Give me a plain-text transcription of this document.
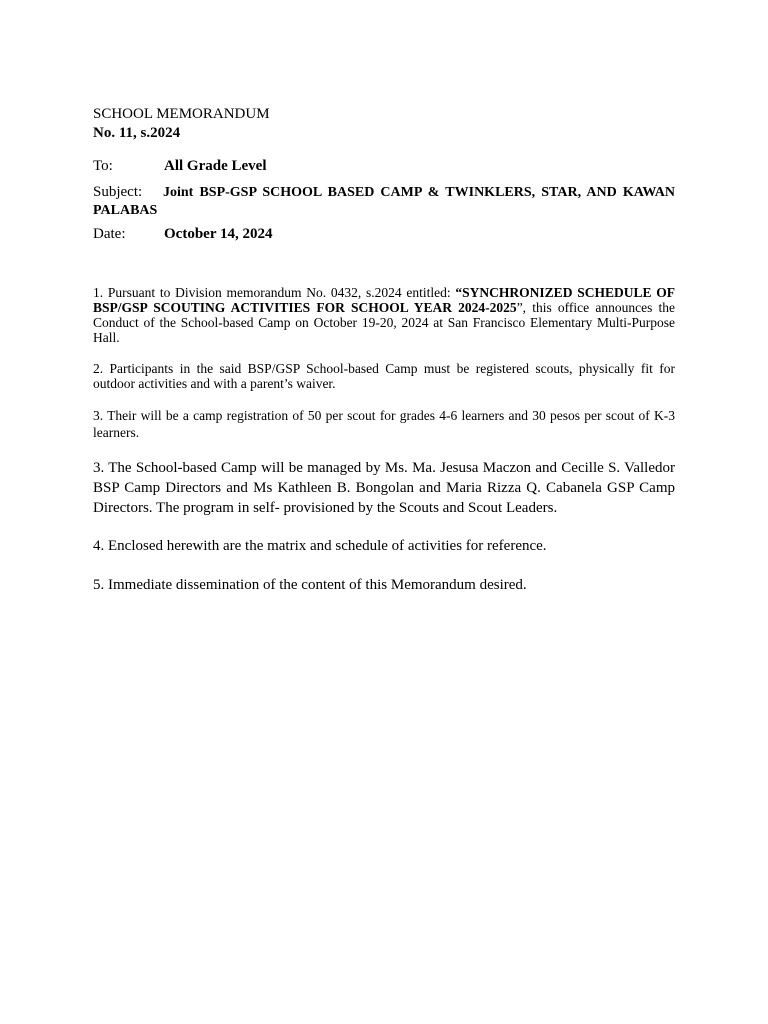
SCHOOL MEMORANDUM
No. 11, s.2024
To:	All Grade Level
Subject: Joint BSP-GSP SCHOOL BASED CAMP & TWINKLERS, STAR, AND KAWAN PALABAS
Date:	October 14, 2024

1. Pursuant to Division memorandum No. 0432, s.2024 entitled: “SYNCHRONIZED SCHEDULE OF BSP/GSP SCOUTING ACTIVITIES FOR SCHOOL YEAR 2024-2025”, this office announces the Conduct of the School-based Camp on October 19-20, 2024 at San Francisco Elementary Multi-Purpose Hall.

2. Participants in the said BSP/GSP School-based Camp must be registered scouts, physically fit for outdoor activities and with a parent’s waiver.

3. Their will be a camp registration of 50 per scout for grades 4-6 learners and 30 pesos per scout of K-3 learners.

3. The School-based Camp will be managed by Ms. Ma. Jesusa Maczon and Cecille S. Valledor BSP Camp Directors and Ms Kathleen B. Bongolan and Maria Rizza Q. Cabanela GSP Camp Directors. The program in self- provisioned by the Scouts and Scout Leaders.

4. Enclosed herewith are the matrix and schedule of activities for reference.

5. Immediate dissemination of the content of this Memorandum desired.
